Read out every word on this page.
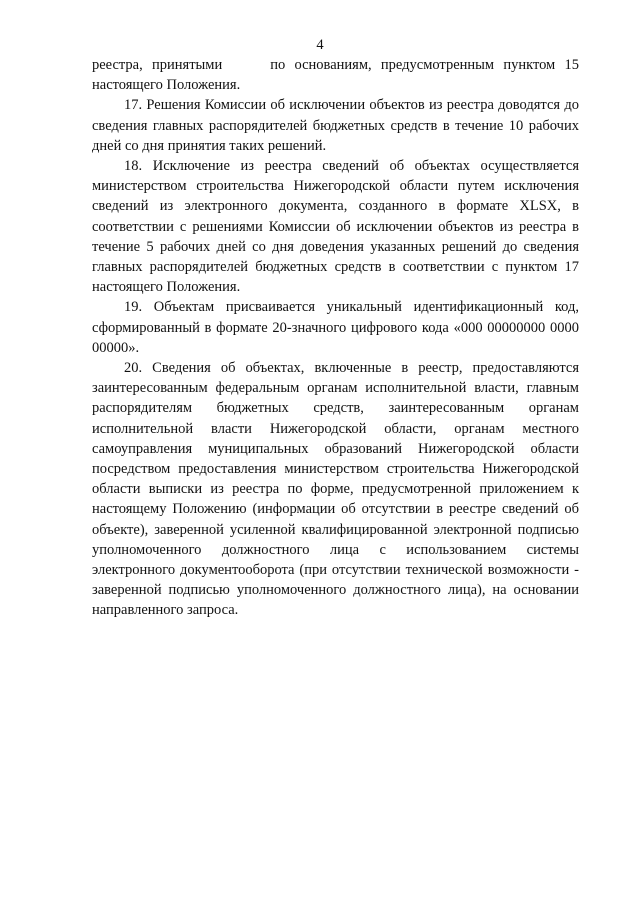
4

реестра, принятыми	по основаниям, предусмотренным пунктом 15 настоящего Положения.

17. Решения Комиссии об исключении объектов из реестра доводятся до сведения главных распорядителей бюджетных средств в течение 10 рабочих дней со дня принятия таких решений.

18. Исключение из реестра сведений об объектах осуществляется министерством строительства Нижегородской области путем исключения сведений из электронного документа, созданного в формате XLSX, в соответствии с решениями Комиссии об исключении объектов из реестра в течение 5 рабочих дней со дня доведения указанных решений до сведения главных распорядителей бюджетных средств в соответствии с пунктом 17 настоящего Положения.

19. Объектам присваивается уникальный идентификационный код, сформированный в формате 20-значного цифрового кода «000 00000000 0000 00000».

20. Сведения об объектах, включенные в реестр, предоставляются заинтересованным федеральным органам исполнительной власти, главным распорядителям бюджетных средств, заинтересованным органам исполнительной власти Нижегородской области, органам местного самоуправления муниципальных образований Нижегородской области посредством предоставления министерством строительства Нижегородской области выписки из реестра по форме, предусмотренной приложением к настоящему Положению (информации об отсутствии в реестре сведений об объекте), заверенной усиленной квалифицированной электронной подписью уполномоченного должностного лица с использованием системы электронного документооборота (при отсутствии технической возможности - заверенной подписью уполномоченного должностного лица), на основании направленного запроса.
